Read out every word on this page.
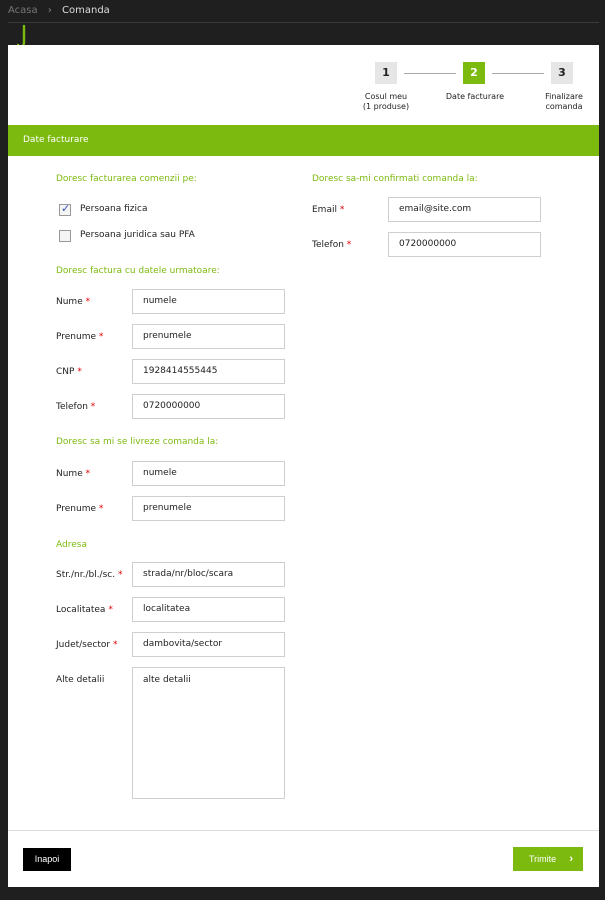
Acasa › Comanda
1	2	3
Cosul meu
(1 produse)
Date facturare	Finalizare
comanda
Date facturare
Doresc facturarea comenzii pe:
✓
Persoana fizica
Persoana juridica sau PFA
Doresc factura cu datele urmatoare:
Nume *	numele
Prenume *	prenumele
CNP *	1928414555445
Telefon *	0720000000
Doresc sa mi se livreze comanda la:
Nume *	numele
Prenume *	prenumele
Adresa
Str./nr./bl./sc. *	strada/nr/bloc/scara
Localitatea *	localitatea
Judet/sector *	dambovita/sector
Alte detalii	alte detalii
Doresc sa-mi confirmati comanda la:
Email *	email@site.com
Telefon *	0720000000
Inapoi	Trimite ›
